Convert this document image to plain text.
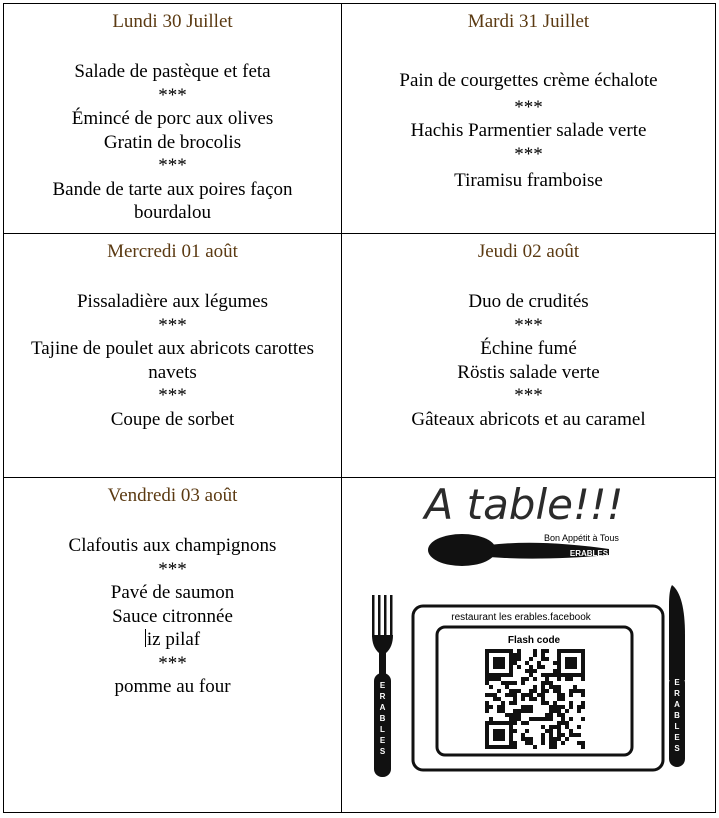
Lundi 30 Juillet
Salade de pastèque et feta
***
Émincé de porc aux olives
Gratin de brocolis
***
Bande de tarte aux poires façon bourdalou
Mardi 31 Juillet
Pain de courgettes crème échalote
***
Hachis Parmentier salade verte
***
Tiramisu framboise
Mercredi 01 août
Pissaladière aux légumes
***
Tajine de poulet aux abricots carottes navets
***
Coupe de sorbet
Jeudi 02 août
Duo de crudités
***
Échine fumé
Röstis salade verte
***
Gâteaux abricots et au caramel
Vendredi 03 août
Clafoutis aux champignons
***
Pavé de saumon
Sauce citronnée
iz pilaf
***
pomme au four
A table!!!
Bon Appétit à Tous
ERABLES
E R A B L E S
E R A B L E S
restaurant les erables.facebook
Flash code
